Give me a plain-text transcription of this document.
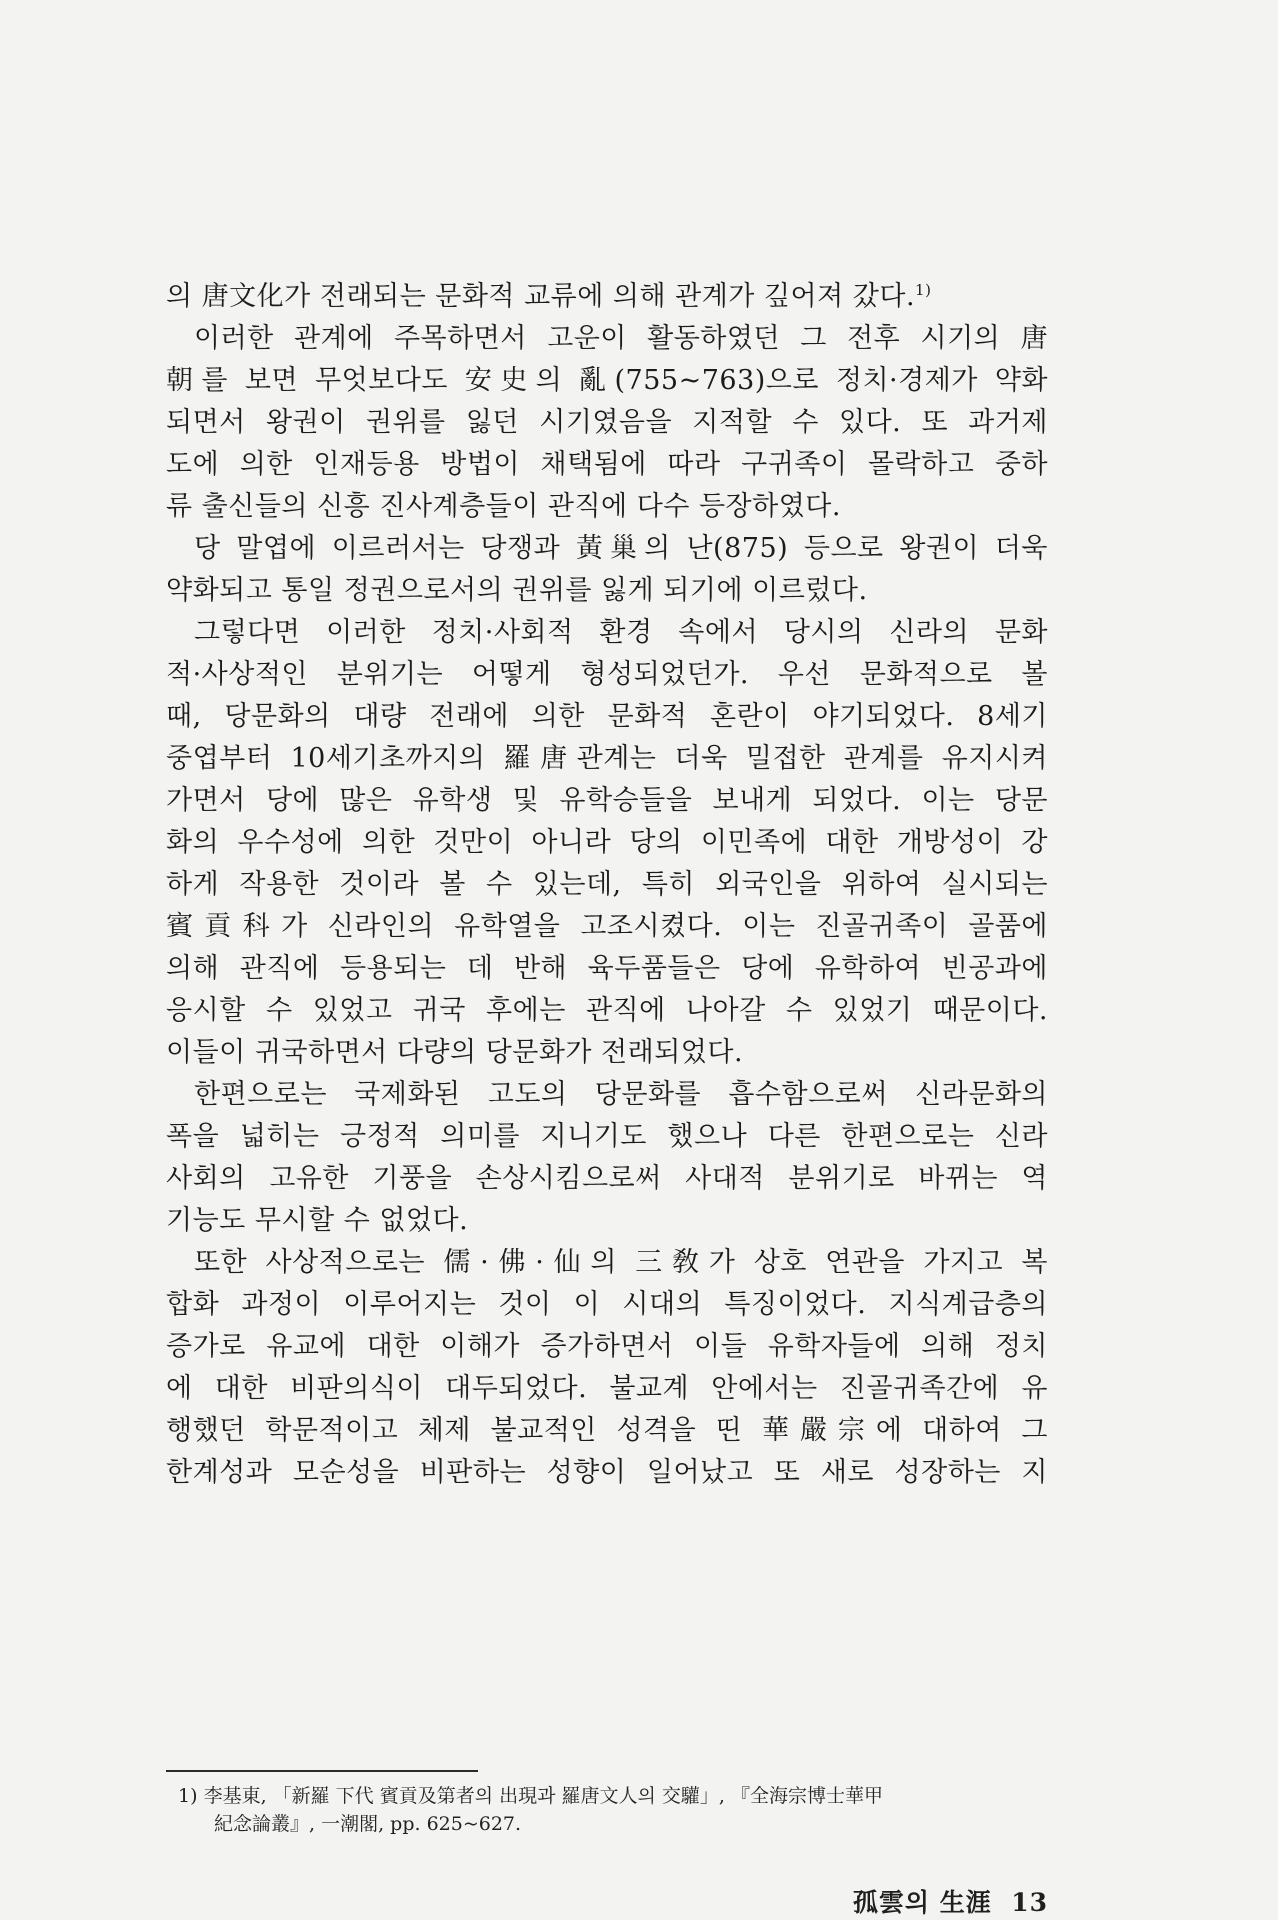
의 唐文化가 전래되는 문화적 교류에 의해 관계가 깊어져 갔다.$^{1)}$
이러한 관계에 주목하면서 고운이 활동하였던 그 전후 시기의 唐
朝를 보면 무엇보다도 安史의 亂(755~763)으로 정치·경제가 약화
되면서 왕권이 권위를 잃던 시기였음을 지적할 수 있다. 또 과거제
도에 의한 인재등용 방법이 채택됨에 따라 구귀족이 몰락하고 중하
류 출신들의 신흥 진사계층들이 관직에 다수 등장하였다.
당 말엽에 이르러서는 당쟁과 黃巢의 난(875) 등으로 왕권이 더욱
약화되고 통일 정권으로서의 권위를 잃게 되기에 이르렀다.
그렇다면 이러한 정치·사회적 환경 속에서 당시의 신라의 문화
적·사상적인 분위기는 어떻게 형성되었던가. 우선 문화적으로 볼
때, 당문화의 대량 전래에 의한 문화적 혼란이 야기되었다. 8세기
중엽부터 10세기초까지의 羅唐관계는 더욱 밀접한 관계를 유지시켜
가면서 당에 많은 유학생 및 유학승들을 보내게 되었다. 이는 당문
화의 우수성에 의한 것만이 아니라 당의 이민족에 대한 개방성이 강
하게 작용한 것이라 볼 수 있는데, 특히 외국인을 위하여 실시되는
賓貢科가 신라인의 유학열을 고조시켰다. 이는 진골귀족이 골품에
의해 관직에 등용되는 데 반해 육두품들은 당에 유학하여 빈공과에
응시할 수 있었고 귀국 후에는 관직에 나아갈 수 있었기 때문이다.
이들이 귀국하면서 다량의 당문화가 전래되었다.
한편으로는 국제화된 고도의 당문화를 흡수함으로써 신라문화의
폭을 넓히는 긍정적 의미를 지니기도 했으나 다른 한편으로는 신라
사회의 고유한 기풍을 손상시킴으로써 사대적 분위기로 바뀌는 역
기능도 무시할 수 없었다.
또한 사상적으로는 儒·佛·仙의 三敎가 상호 연관을 가지고 복
합화 과정이 이루어지는 것이 이 시대의 특징이었다. 지식계급층의
증가로 유교에 대한 이해가 증가하면서 이들 유학자들에 의해 정치
에 대한 비판의식이 대두되었다. 불교계 안에서는 진골귀족간에 유
행했던 학문적이고 체제 불교적인 성격을 띤 華嚴宗에 대하여 그
한계성과 모순성을 비판하는 성향이 일어났고 또 새로 성장하는 지
1) 李基東, 「新羅 下代 賓貢及第者의 出現과 羅唐文人의 交驩」, 『全海宗博士華甲
紀念論叢』, 一潮閣, pp. 625~627.
孤雲의 生涯 13
